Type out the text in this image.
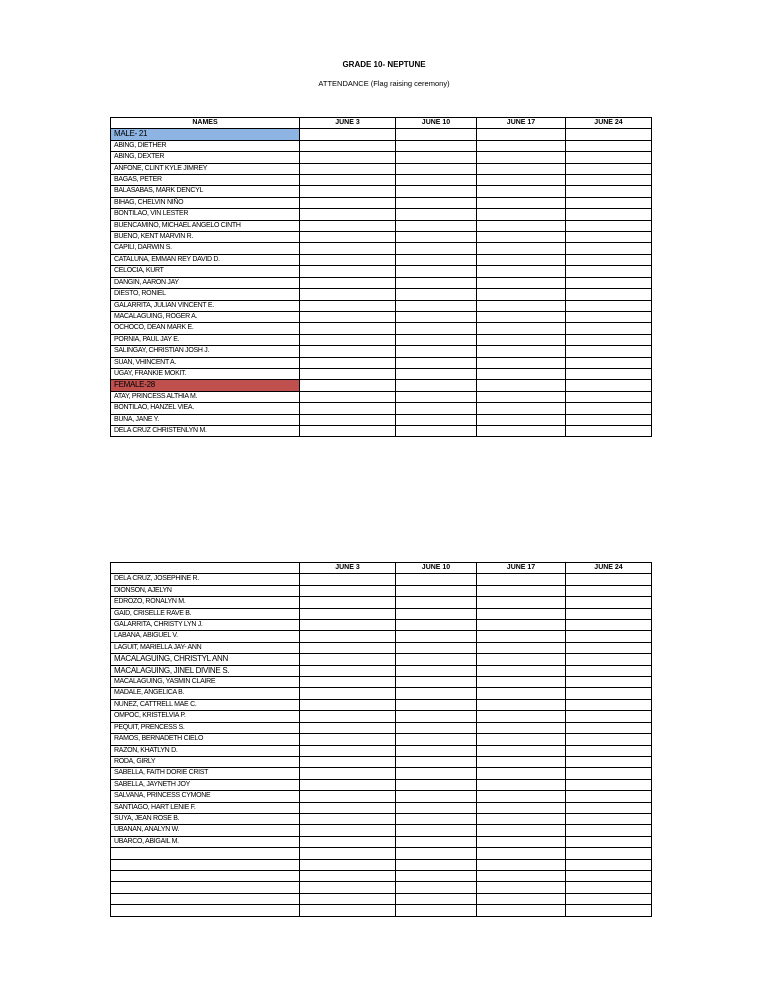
GRADE 10- NEPTUNE
ATTENDANCE (Flag raising ceremony)
NAMES	JUNE 3	JUNE 10	JUNE 17	JUNE 24
MALE- 21				
ABING, DIETHER				
ABING, DEXTER				
ANFONE, CLINT KYLE JIMREY				
BAGAS, PETER				
BALASABAS, MARK DENCYL				
BIHAG, CHELVIN NIÑO				
BONTILAO, VIN LESTER				
BUENCAMINO, MICHAEL ANGELO CINTH				
BUENO, KENT MARVIN R.				
CAPILI, DARWIN S.				
CATALUNA, EMMAN REY DAVID D.				
CELOCIA, KURT				
DANGIN, AARON JAY				
DIESTO, RONIEL				
GALARRITA, JULIAN VINCENT E.				
MACALAGUING, ROGER A.				
OCHOCO, DEAN MARK E.				
PORNIA, PAUL JAY E.				
SALINGAY, CHRISTIAN JOSH J.				
SUAN, VHINCENT A.				
UGAY, FRANKIE MOKIT.				
FEMALE-28				
ATAY, PRINCESS ALTHIA M.				
BONTILAO, HANZEL VIEA.				
BUNA, JANE Y.				
DELA CRUZ CHRISTENLYN M.				
	JUNE 3	JUNE 10	JUNE 17	JUNE 24
DELA CRUZ, JOSEPHINE R.				
DIONSON, AJELYN				
EDROZO, RONALYN M.				
GAID, CRISELLE RAVE B.				
GALARRITA, CHRISTY LYN J.				
LABANA, ABIGUEL V.				
LAGUIT, MARIELLA JAY- ANN				
MACALAGUING, CHRISTYL ANN				
MACALAGUING, JINEL DIVINE S.				
MACALAGUING, YASMIN CLAIRE				
MADALE, ANGELICA B.				
NUNEZ, CATTRELL MAE C.				
OMPOC, KRISTELVIA P.				
PEQUIT, PRENCESS S.				
RAMOS, BERNADETH CIELO				
RAZON, KHATLYN D.				
RODA, GIRLY				
SABELLA, FAITH DORIE CRIST				
SABELLA, JAYNETH JOY				
SALVANA, PRINCESS CYMONE				
SANTIAGO, HART LENIE F.				
SUYA, JEAN ROSE B.				
UBANAN, ANALYN W.				
UBARCO, ABIGAIL M.				
